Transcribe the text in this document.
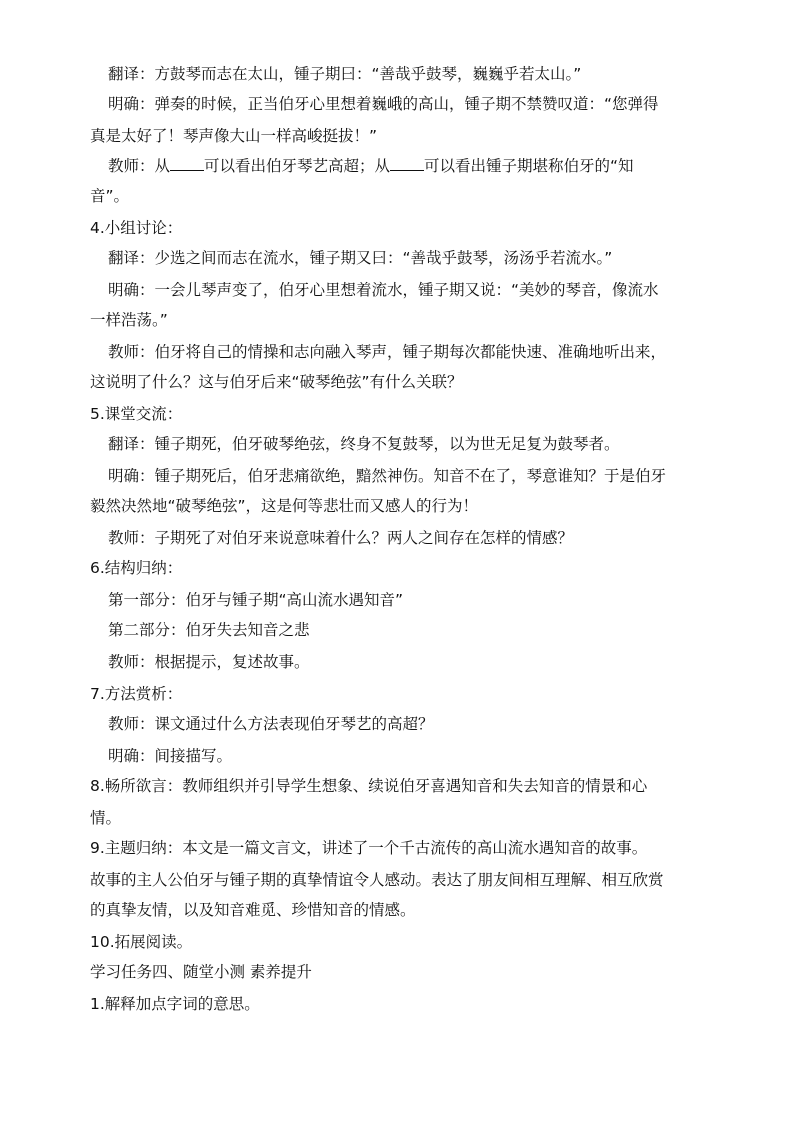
翻译：方鼓琴而志在太山，锺子期曰：“善哉乎鼓琴，巍巍乎若太山。”
明确：弹奏的时候，正当伯牙心里想着巍峨的高山，锺子期不禁赞叹道：“您弹得
真是太好了！琴声像大山一样高峻挺拔！”
教师：从 可以看出伯牙琴艺高超；从 可以看出锺子期堪称伯牙的“知
音”。
4.小组讨论：
翻译：少选之间而志在流水，锺子期又曰：“善哉乎鼓琴，汤汤乎若流水。”
明确：一会儿琴声变了，伯牙心里想着流水，锺子期又说：“美妙的琴音，像流水
一样浩荡。”
教师：伯牙将自己的情操和志向融入琴声，锺子期每次都能快速、准确地听出来，
这说明了什么？这与伯牙后来“破琴绝弦”有什么关联？
5.课堂交流：
翻译：锺子期死，伯牙破琴绝弦，终身不复鼓琴，以为世无足复为鼓琴者。
明确：锺子期死后，伯牙悲痛欲绝，黯然神伤。知音不在了，琴意谁知？于是伯牙
毅然决然地“破琴绝弦”，这是何等悲壮而又感人的行为！
教师：子期死了对伯牙来说意味着什么？两人之间存在怎样的情感？
6.结构归纳：
第一部分：伯牙与锺子期“高山流水遇知音”
第二部分：伯牙失去知音之悲
教师：根据提示，复述故事。
7.方法赏析：
教师：课文通过什么方法表现伯牙琴艺的高超？
明确：间接描写。
8.畅所欲言：教师组织并引导学生想象、续说伯牙喜遇知音和失去知音的情景和心
情。
9.主题归纳：本文是一篇文言文，讲述了一个千古流传的高山流水遇知音的故事。
故事的主人公伯牙与锺子期的真挚情谊令人感动。表达了朋友间相互理解、相互欣赏
的真挚友情，以及知音难觅、珍惜知音的情感。
10.拓展阅读。
学习任务四、随堂小测 素养提升
1.解释加点字词的意思。
